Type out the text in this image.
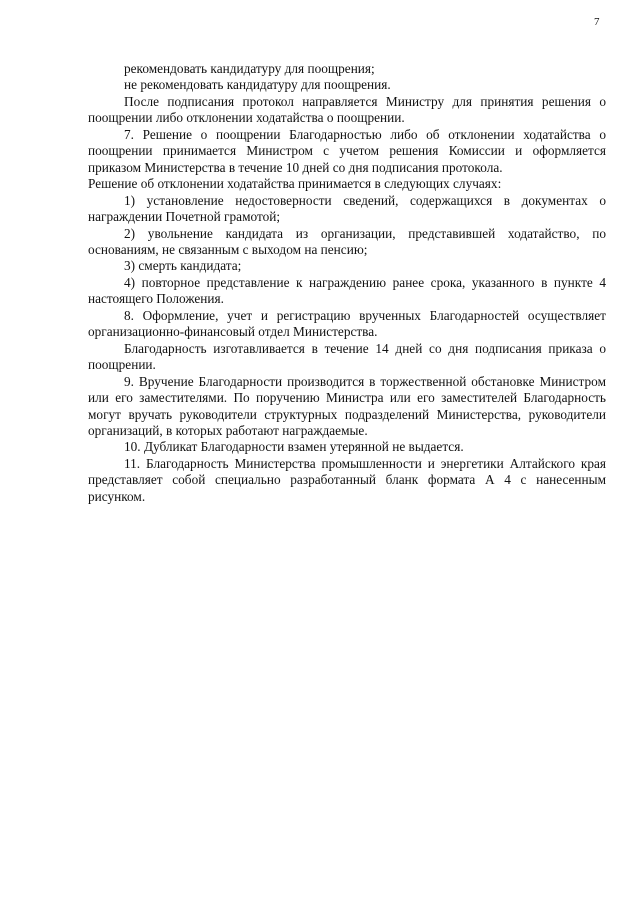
7

рекомендовать кандидатуру для поощрения;

не рекомендовать кандидатуру для поощрения.

После подписания протокол направляется Министру для принятия решения о поощрении либо отклонении ходатайства о поощрении.

7. Решение о поощрении Благодарностью либо об отклонении ходатайства о поощрении принимается Министром с учетом решения Комиссии и оформляется приказом Министерства в течение 10 дней со дня подписания протокола.

Решение об отклонении ходатайства принимается в следующих случаях:

1) установление недостоверности сведений, содержащихся в документах о награждении Почетной грамотой;

2) увольнение кандидата из организации, представившей ходатайство, по основаниям, не связанным с выходом на пенсию;

3) смерть кандидата;

4) повторное представление к награждению ранее срока, указанного в пункте 4 настоящего Положения.

8. Оформление, учет и регистрацию врученных Благодарностей осуществляет организационно-финансовый отдел Министерства.

Благодарность изготавливается в течение 14 дней со дня подписания приказа о поощрении.

9. Вручение Благодарности производится в торжественной обстановке Министром или его заместителями. По поручению Министра или его заместителей Благодарность могут вручать руководители структурных подразделений Министерства, руководители организаций, в которых работают награждаемые.

10. Дубликат Благодарности взамен утерянной не выдается.

11. Благодарность Министерства промышленности и энергетики Алтайского края представляет собой специально разработанный бланк формата А 4 с нанесенным рисунком.
